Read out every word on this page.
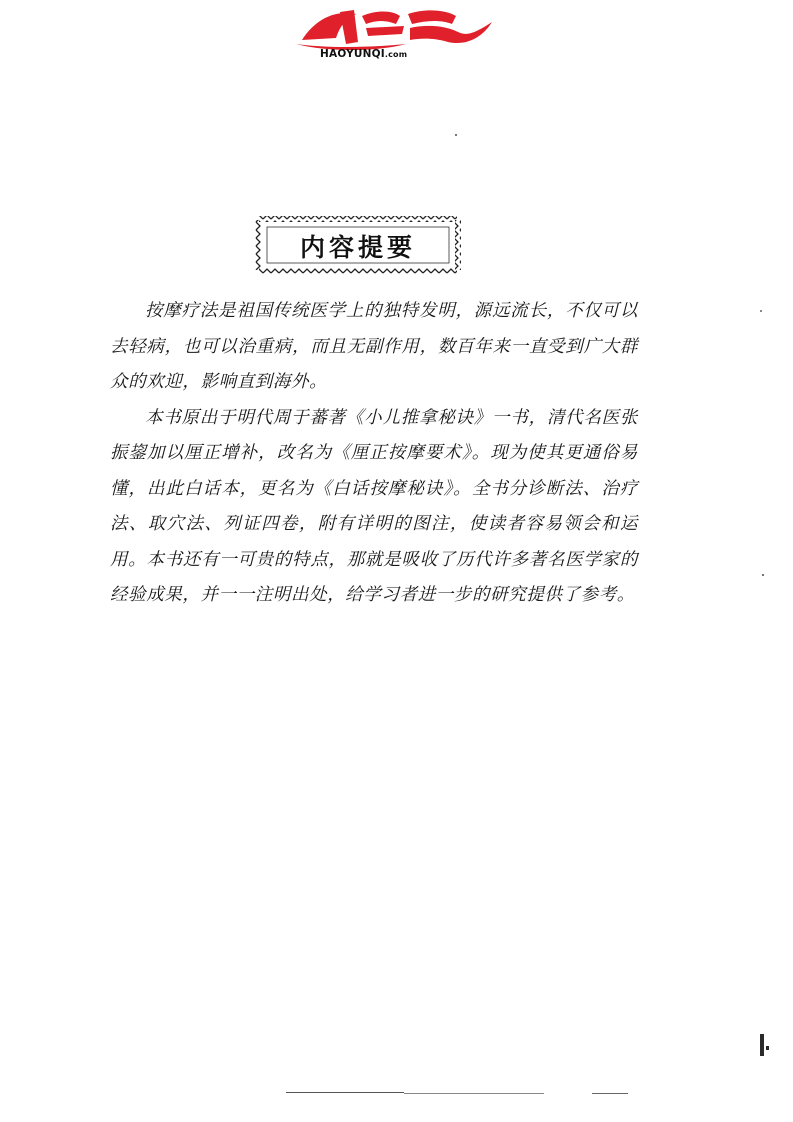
HAOYUNQI.com
内容提要

按摩疗法是祖国传统医学上的独特发明，源远流长，不仅可以去轻病，也可以治重病，而且无副作用，数百年来一直受到广大群众的欢迎，影响直到海外。

本书原出于明代周于蕃著《小儿推拿秘诀》一书，清代名医张振鋆加以厘正增补，改名为《厘正按摩要术》。现为使其更通俗易懂，出此白话本，更名为《白话按摩秘诀》。全书分诊断法、治疗法、取穴法、列证四卷，附有详明的图注，使读者容易领会和运用。本书还有一可贵的特点，那就是吸收了历代许多著名医学家的经验成果，并一一注明出处，给学习者进一步的研究提供了参考。
